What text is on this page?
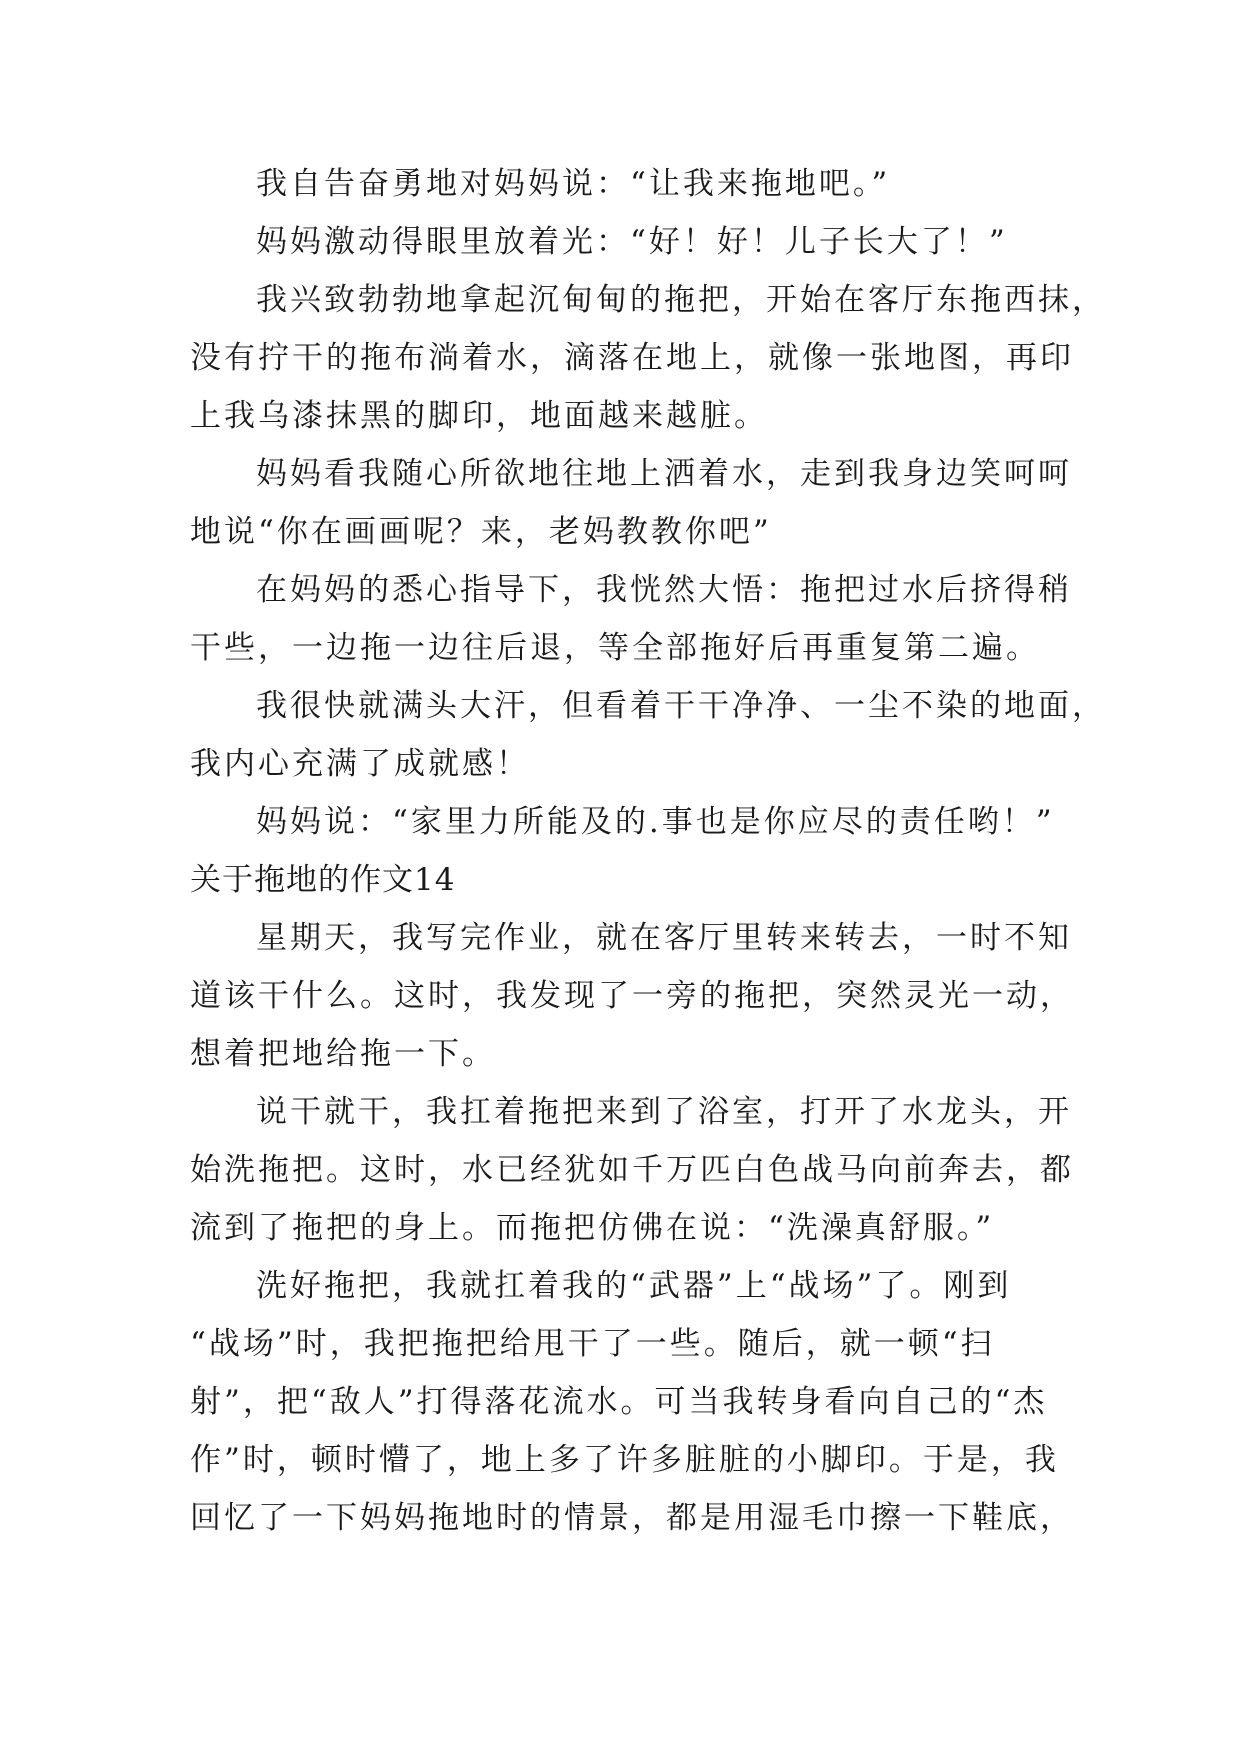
我自告奋勇地对妈妈说：“让我来拖地吧。”
妈妈激动得眼里放着光：“好！好！儿子长大了！”
我兴致勃勃地拿起沉甸甸的拖把，开始在客厅东拖西抹，
没有拧干的拖布淌着水，滴落在地上，就像一张地图，再印
上我乌漆抹黑的脚印，地面越来越脏。
妈妈看我随心所欲地往地上洒着水，走到我身边笑呵呵
地说“你在画画呢？来，老妈教教你吧”
在妈妈的悉心指导下，我恍然大悟：拖把过水后挤得稍
干些，一边拖一边往后退，等全部拖好后再重复第二遍。
我很快就满头大汗，但看着干干净净、一尘不染的地面，
我内心充满了成就感！
妈妈说：“家里力所能及的.事也是你应尽的责任哟！”
关于拖地的作文14
星期天，我写完作业，就在客厅里转来转去，一时不知
道该干什么。这时，我发现了一旁的拖把，突然灵光一动，
想着把地给拖一下。
说干就干，我扛着拖把来到了浴室，打开了水龙头，开
始洗拖把。这时，水已经犹如千万匹白色战马向前奔去，都
流到了拖把的身上。而拖把仿佛在说：“洗澡真舒服。”
洗好拖把，我就扛着我的“武器”上“战场”了。刚到
“战场”时，我把拖把给甩干了一些。随后，就一顿“扫
射”，把“敌人”打得落花流水。可当我转身看向自己的“杰
作”时，顿时懵了，地上多了许多脏脏的小脚印。于是，我
回忆了一下妈妈拖地时的情景，都是用湿毛巾擦一下鞋底，
